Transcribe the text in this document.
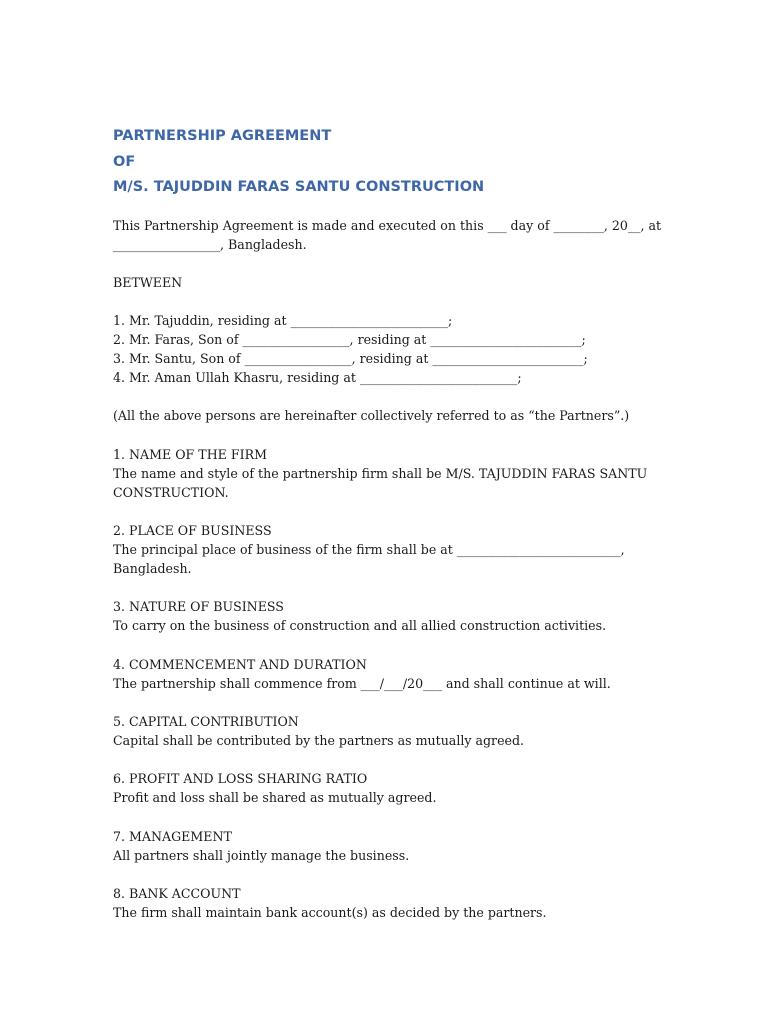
PARTNERSHIP AGREEMENT

OF

M/S. TAJUDDIN FARAS SANTU CONSTRUCTION

This Partnership Agreement is made and executed on this ___ day of ________, 20__, at
_________________, Bangladesh.

BETWEEN

1. Mr. Tajuddin, residing at _________________________;
2. Mr. Faras, Son of _________________, residing at ________________________;
3. Mr. Santu, Son of _________________, residing at ________________________;
4. Mr. Aman Ullah Khasru, residing at _________________________;

(All the above persons are hereinafter collectively referred to as “the Partners”.)

1. NAME OF THE FIRM

The name and style of the partnership firm shall be M/S. TAJUDDIN FARAS SANTU
CONSTRUCTION.

2. PLACE OF BUSINESS

The principal place of business of the firm shall be at __________________________,
Bangladesh.

3. NATURE OF BUSINESS

To carry on the business of construction and all allied construction activities.

4. COMMENCEMENT AND DURATION

The partnership shall commence from ___/___/20___ and shall continue at will.

5. CAPITAL CONTRIBUTION

Capital shall be contributed by the partners as mutually agreed.

6. PROFIT AND LOSS SHARING RATIO

Profit and loss shall be shared as mutually agreed.

7. MANAGEMENT

All partners shall jointly manage the business.

8. BANK ACCOUNT

The firm shall maintain bank account(s) as decided by the partners.
